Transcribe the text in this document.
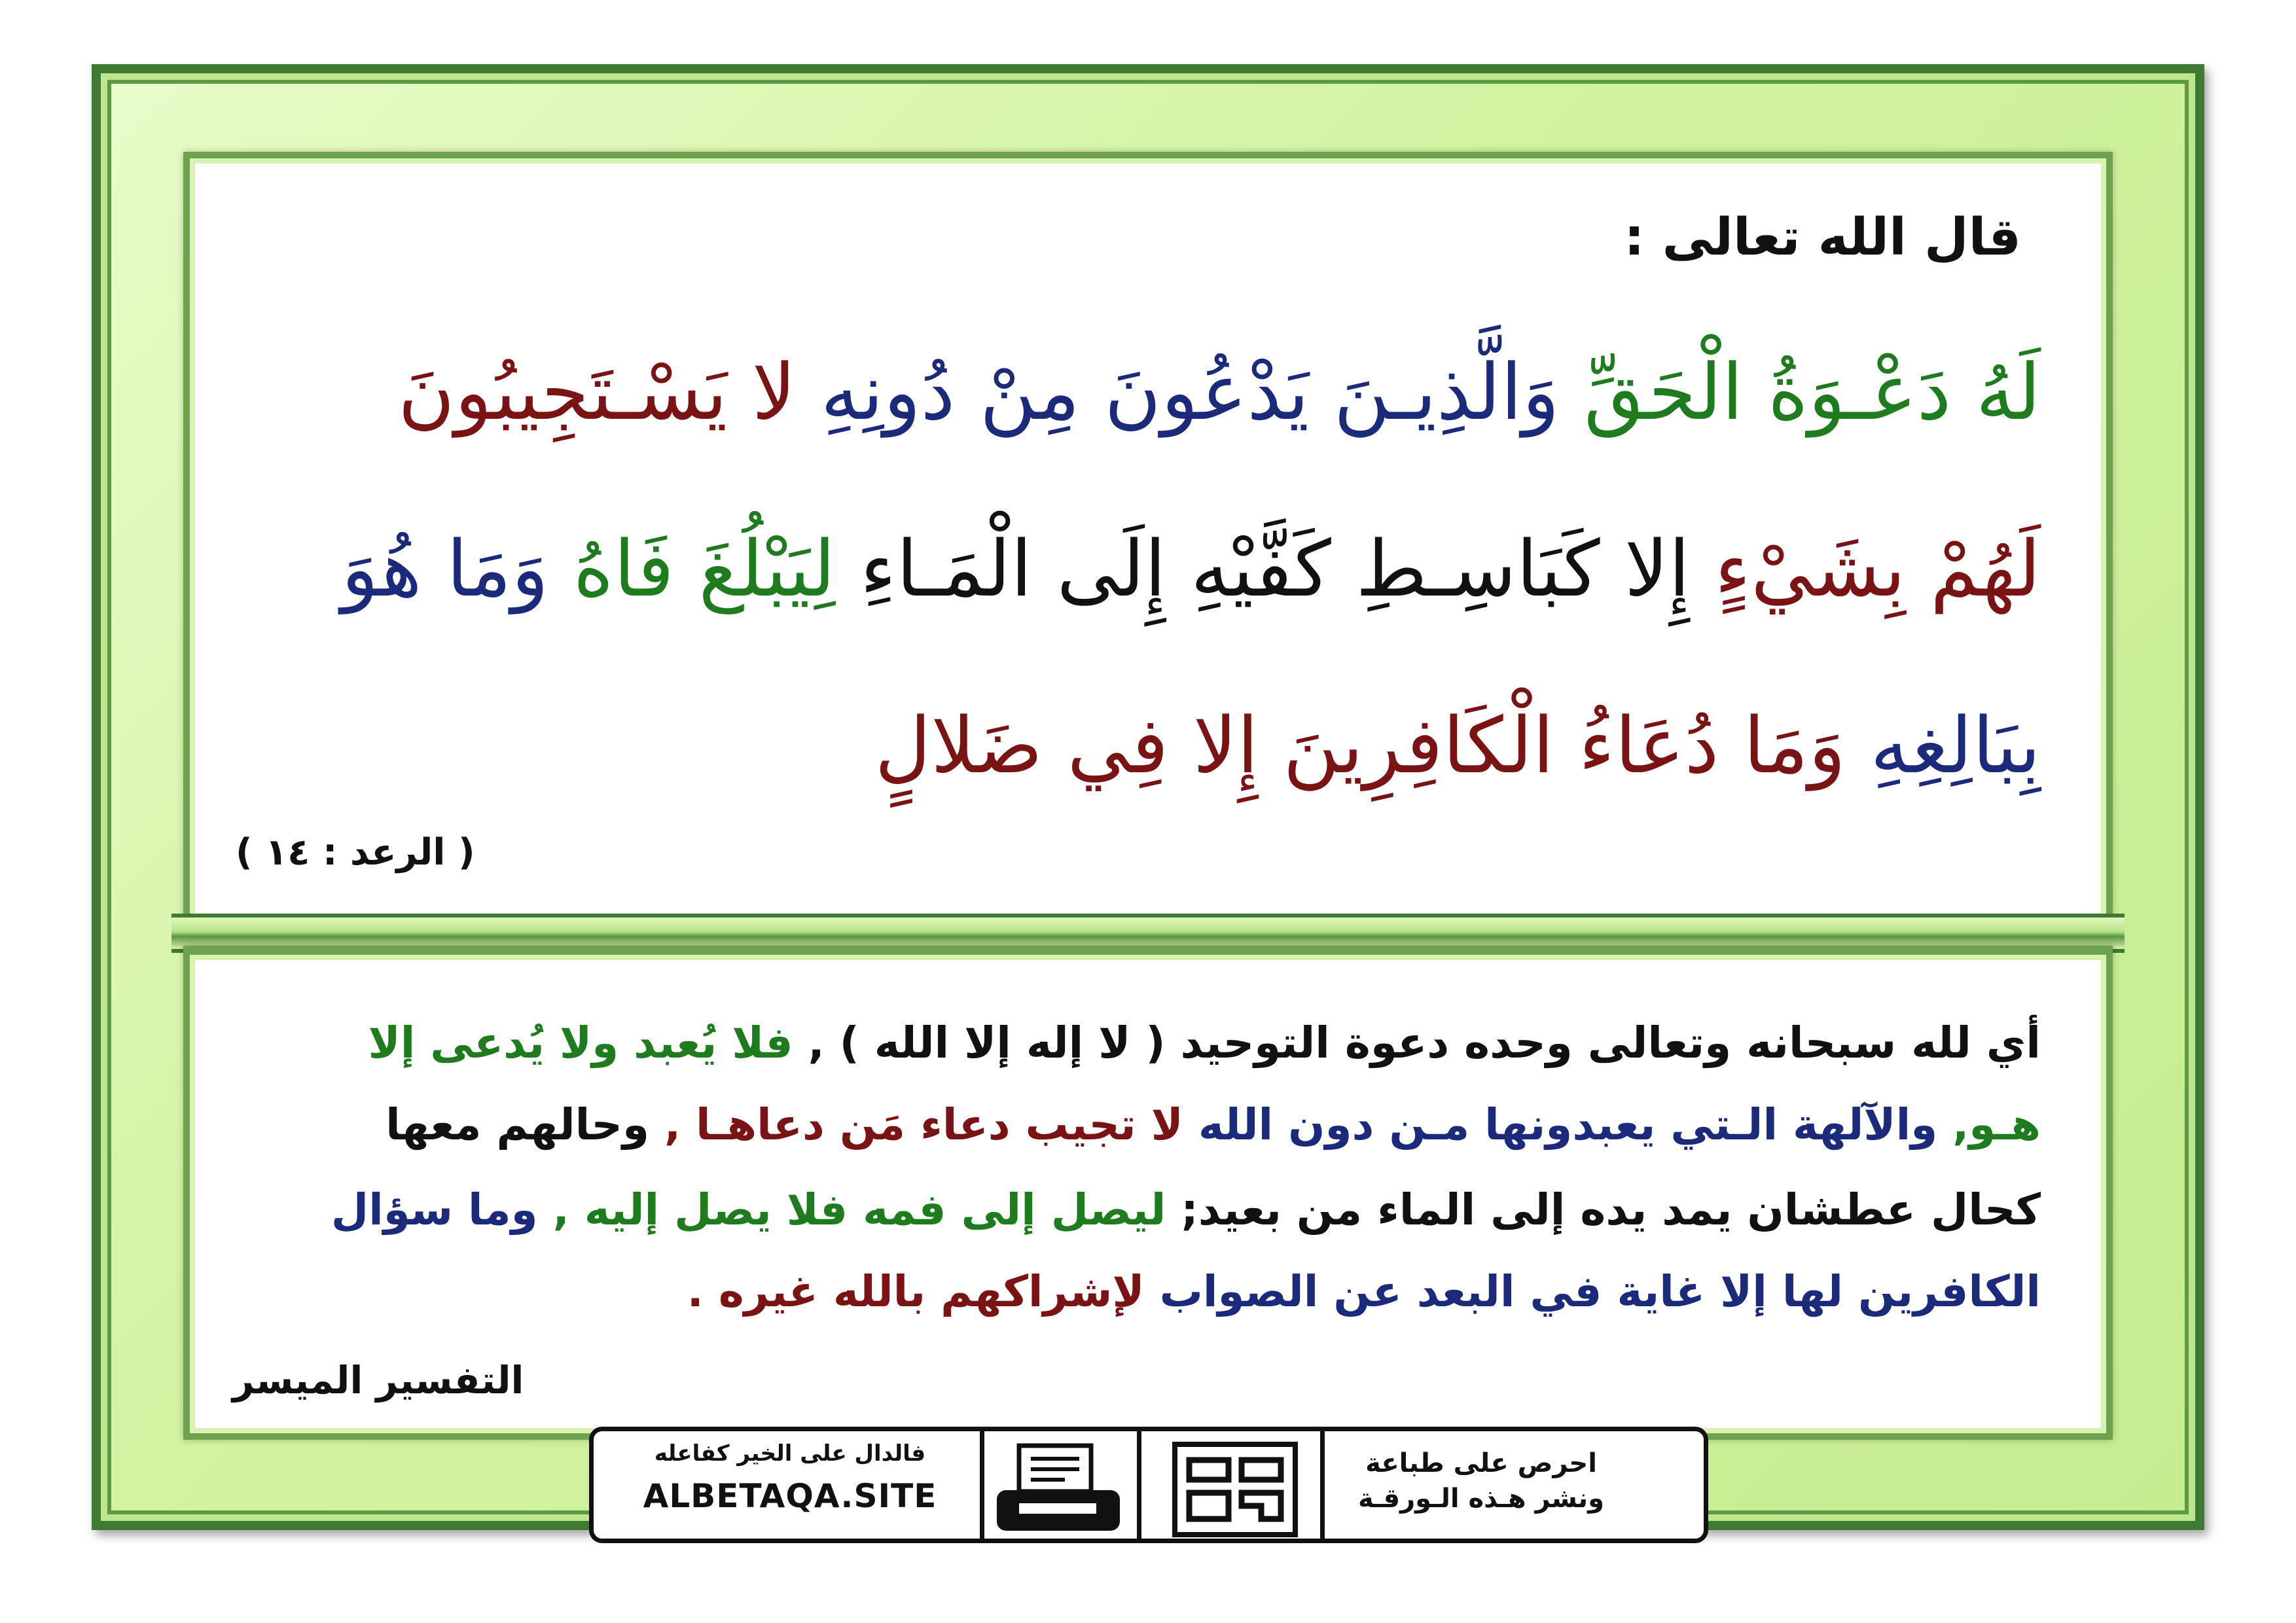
قال الله تعالى :
لَهُ دَعْـوَةُ الْحَقِّ وَالَّذِيـنَ يَدْعُونَ مِنْ دُونِهِ لا يَسْـتَجِيبُونَ
لَهُمْ بِشَيْءٍ إِلا كَبَاسِـطِ كَفَّيْهِ إِلَى الْمَـاءِ لِيَبْلُغَ فَاهُ وَمَا هُوَ
بِبَالِغِهِ وَمَا دُعَاءُ الْكَافِرِينَ إِلا فِي ضَلالٍ
( الرعد : ١٤ )
أي لله سبحانه وتعالى وحده دعوة التوحيد ( لا إله إلا الله ) , فلا يُعبد ولا يُدعى إلا
هـو, والآلهة الـتي يعبدونها مـن دون الله لا تجيب دعاء مَن دعاهـا , وحالهم معها
كحال عطشان يمد يده إلى الماء من بعيد; ليصل إلى فمه فلا يصل إليه , وما سؤال
الكافرين لها إلا غاية في البعد عن الصواب لإشراكهم بالله غيره .
التفسير الميسر
فالدال على الخير كفاعله
ALBETAQA.SITE
احرص على طباعة
ونشر هـذه الـورقـة
